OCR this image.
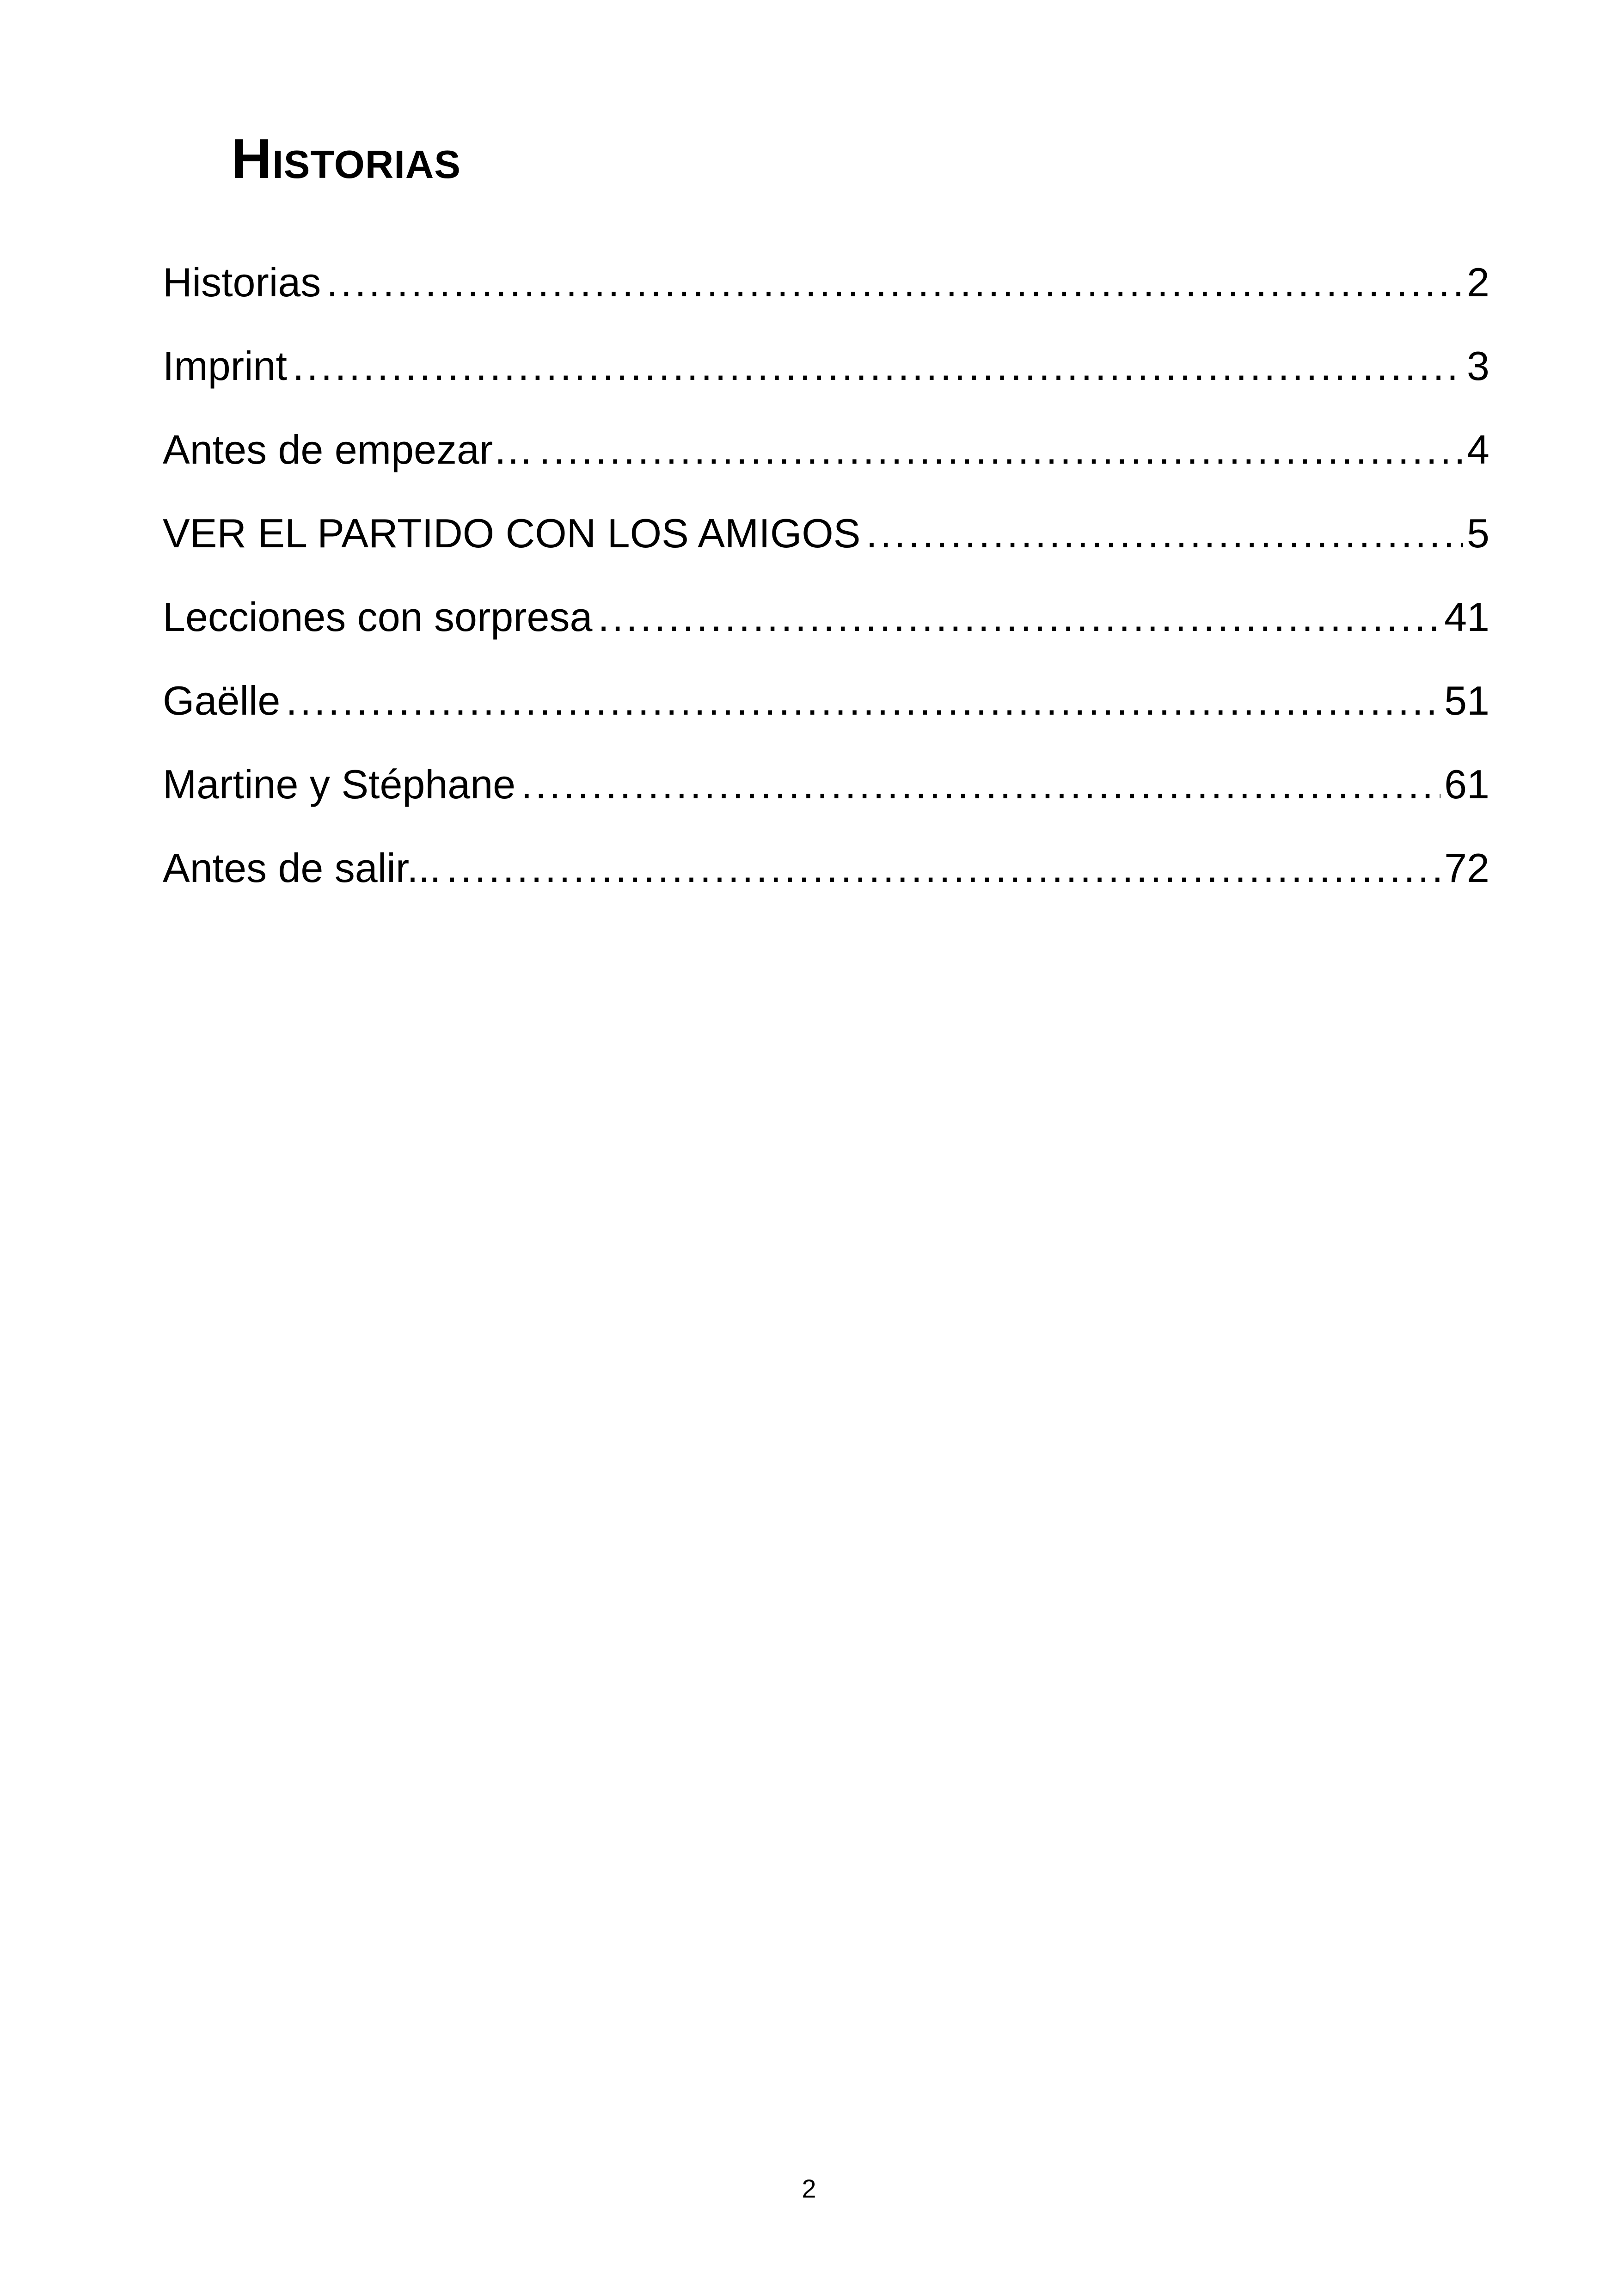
Historias
Historias .....	2
Imprint .....	3
Antes de empezar… .....	4
VER EL PARTIDO CON LOS AMIGOS .....	5
Lecciones con sorpresa .....	41
Gaëlle .....	51
Martine y Stéphane .....	61
Antes de salir... .....	72
2
